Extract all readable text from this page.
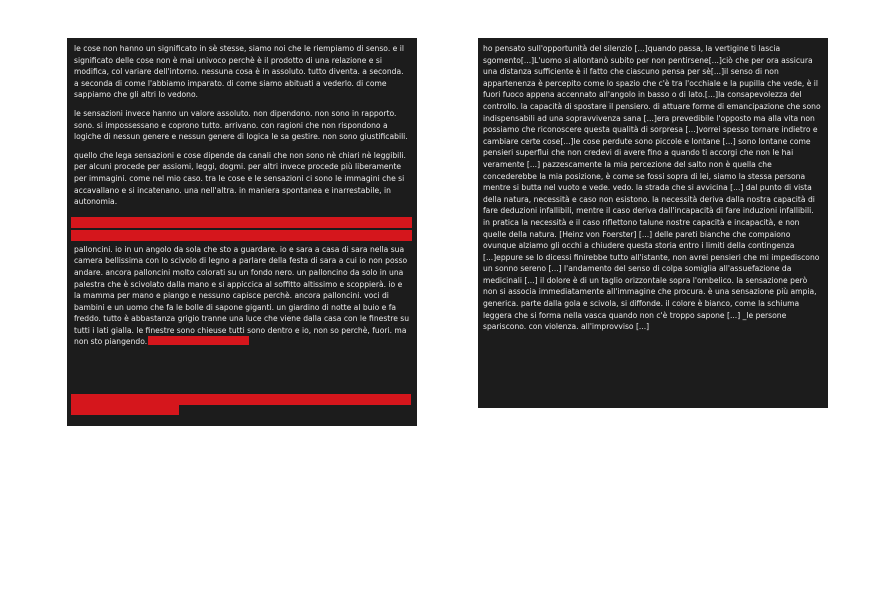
le cose non hanno un significato in sè stesse, siamo noi che le riempiamo di senso. e il significato delle cose non è mai univoco perchè è il prodotto di una relazione e si modifica, col variare dell'intorno. nessuna cosa è in assoluto. tutto diventa. a seconda. a seconda di come l'abbiamo imparato. di come siamo abituati a vederlo. di come sappiamo che gli altri lo vedono.

le sensazioni invece hanno un valore assoluto. non dipendono. non sono in rapporto. sono. si impossessano e coprono tutto. arrivano. con ragioni che non rispondono a logiche di nessun genere e nessun genere di logica le sa gestire. non sono giustificabili.

quello che lega sensazioni e cose dipende da canali che non sono nè chiari nè leggibili. per alcuni procede per assiomi, leggi, dogmi. per altri invece procede più liberamente per immagini. come nel mio caso. tra le cose e le sensazioni ci sono le immagini che si accavallano e si incatenano. una nell'altra. in maniera spontanea e inarrestabile, in autonomia.

palloncini. io in un angolo da sola che sto a guardare. io e sara a casa di sara nella sua camera bellissima con lo scivolo di legno a parlare della festa di sara a cui io non posso andare. ancora palloncini molto colorati su un fondo nero. un palloncino da solo in una palestra che è scivolato dalla mano e si appiccica al soffitto altissimo e scoppierà. io e la mamma per mano e piango e nessuno capisce perchè. ancora palloncini. voci di bambini e un uomo che fa le bolle di sapone giganti. un giardino di notte al buio e fa freddo. tutto è abbastanza grigio tranne una luce che viene dalla casa con le finestre su tutti i lati gialla. le finestre sono chieuse tutti sono dentro e io, non so perchè, fuori. ma non sto piangendo.

ho pensato sull'opportunità del silenzio [...]quando passa, la vertigine ti lascia sgomento[...]L'uomo si allontanò subito per non pentirsene[...]ciò che per ora assicura una distanza sufficiente è il fatto che ciascuno pensa per sè[...]il senso di non appartenenza è percepito come lo spazio che c'è tra l'occhiale e la pupilla che vede, è il fuori fuoco appena accennato all'angolo in basso o di lato.[...]la consapevolezza del controllo. la capacità di spostare il pensiero. di attuare forme di emancipazione che sono indispensabili ad una sopravvivenza sana [...]era prevedibile l'opposto ma alla vita non possiamo che riconoscere questa qualità di sorpresa [...]vorrei spesso tornare indietro e cambiare certe cose[...]le cose perdute sono piccole e lontane [...] sono lontane come pensieri superflui che non credevi di avere fino a quando ti accorgi che non le hai veramente [...] pazzescamente la mia percezione del salto non è quella che concederebbe la mia posizione, è come se fossi sopra di lei, siamo la stessa persona mentre si butta nel vuoto e vede. vedo. la strada che si avvicina [...] dal punto di vista della natura, necessità e caso non esistono. la necessità deriva dalla nostra capacità di fare deduzioni infallibili, mentre il caso deriva dall'incapacità di fare induzioni infallibili. in pratica la necessità e il caso riflettono talune nostre capacità e incapacità, e non quelle della natura. [Heinz von Foerster] [...] delle pareti bianche che compaiono ovunque alziamo gli occhi a chiudere questa storia entro i limiti della contingenza [...]eppure se lo dicessi finirebbe tutto all'istante, non avrei pensieri che mi impediscono un sonno sereno [...] l'andamento del senso di colpa somiglia all'assuefazione da medicinali [...] il dolore è di un taglio orizzontale sopra l'ombelico. la sensazione però non si associa immediatamente all'immagine che procura. è una sensazione più ampia, generica. parte dalla gola e scivola, si diffonde. il colore è bianco, come la schiuma leggera che si forma nella vasca quando non c'è troppo sapone [...] _le persone spariscono. con violenza. all'improvviso [...]
